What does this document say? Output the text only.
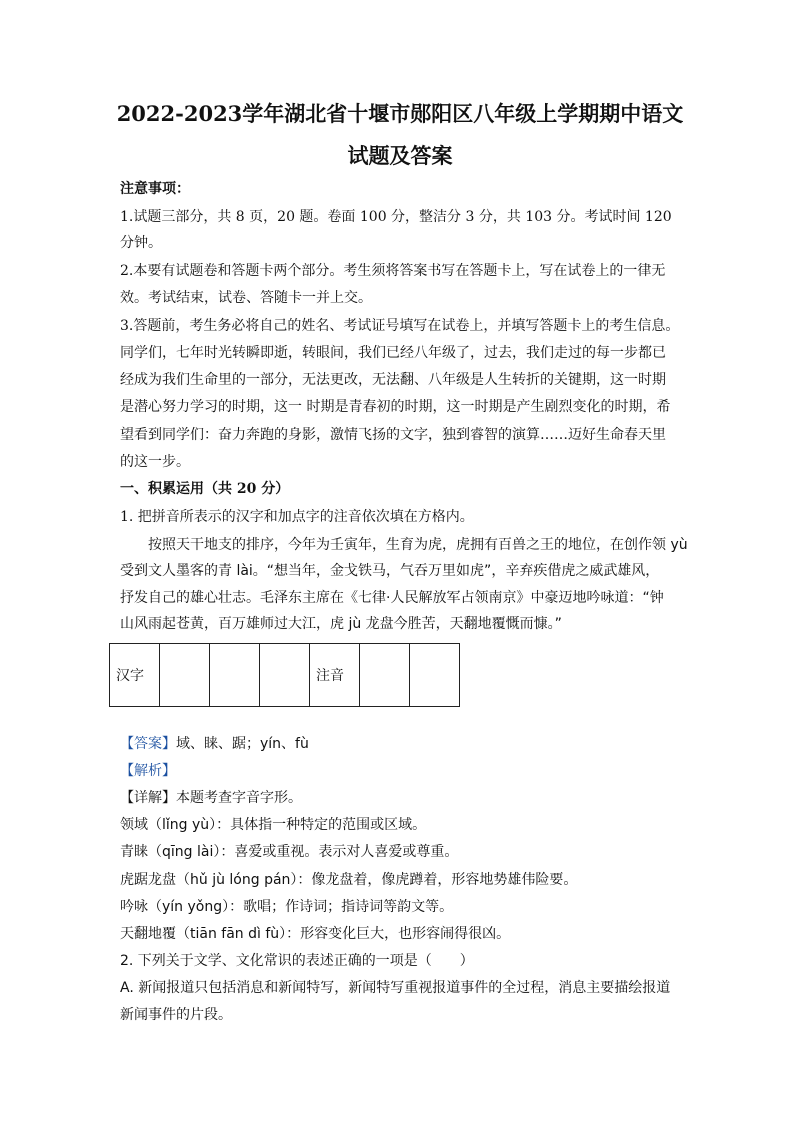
2022-2023学年湖北省十堰市郧阳区八年级上学期期中语文
试题及答案
注意事项：
1.试题三部分，共 8 页，20 题。卷面 100 分，整洁分 3 分，共 103 分。考试时间 120
分钟。
2.本要有试题卷和答题卡两个部分。考生须将答案书写在答题卡上，写在试卷上的一律无
效。考试结束，试卷、答随卡一并上交。
3.答题前，考生务必将自己的姓名、考试证号填写在试卷上，并填写答题卡上的考生信息。
同学们，七年时光转瞬即逝，转眼间，我们已经八年级了，过去，我们走过的每一步都已
经成为我们生命里的一部分，无法更改，无法翻、八年级是人生转折的关键期，这一时期
是潜心努力学习的时期，这一 时期是青春初的时期，这一时期是产生剧烈变化的时期，希
望看到同学们：奋力奔跑的身影，激情飞扬的文字，独到睿智的演算……迈好生命春天里
的这一步。
一、积累运用（共 20 分）
1. 把拼音所表示的汉字和加点字的注音依次填在方格内。
按照天干地支的排序，今年为壬寅年，生育为虎，虎拥有百兽之王的地位，在创作领 yù
受到文人墨客的青 lài。“想当年，金戈铁马，气吞万里如虎”，辛弃疾借虎之威武雄风，
抒发自己的雄心壮志。毛泽东主席在《七律·人民解放军占领南京》中豪迈地吟咏道：“钟
山风雨起苍黄，百万雄师过大江，虎 jù 龙盘今胜苦，天翻地覆慨而慷。”
汉字				注音		
【答案】域、睐、踞；yín、fù
【解析】
【详解】本题考查字音字形。
领域（lǐng yù）：具体指一种特定的范围或区域。
青睐（qīng lài）：喜爱或重视。表示对人喜爱或尊重。
虎踞龙盘（hǔ jù lóng pán）：像龙盘着，像虎蹲着，形容地势雄伟险要。
吟咏（yín yǒng）：歌唱；作诗词；指诗词等韵文等。
天翻地覆（tiān fān dì fù）：形容变化巨大，也形容闹得很凶。
2. 下列关于文学、文化常识的表述正确的一项是（　　）
A. 新闻报道只包括消息和新闻特写，新闻特写重视报道事件的全过程，消息主要描绘报道
新闻事件的片段。
